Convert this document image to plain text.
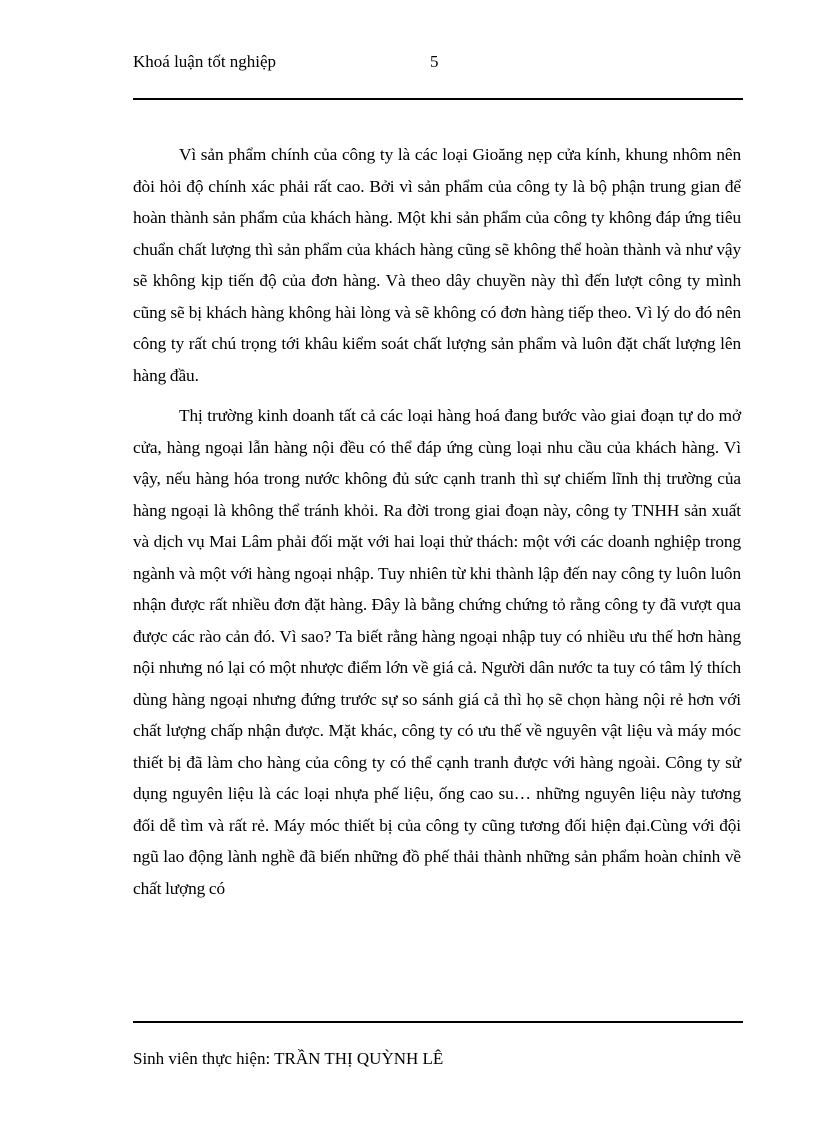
Khoá luận tốt nghiệp	5

Vì sản phẩm chính của công ty là các loại Gioăng nẹp cửa kính, khung nhôm nên đòi hỏi độ chính xác phải rất cao. Bởi vì sản phẩm của công ty là bộ phận trung gian để hoàn thành sản phẩm của khách hàng. Một khi sản phẩm của công ty không đáp ứng tiêu chuẩn chất lượng thì sản phẩm của khách hàng cũng sẽ không thể hoàn thành và như vậy sẽ không kịp tiến độ của đơn hàng. Và theo dây chuyền này thì đến lượt công ty mình cũng sẽ bị khách hàng không hài lòng và sẽ không có đơn hàng tiếp theo. Vì lý do đó nên công ty rất chú trọng tới khâu kiểm soát chất lượng sản phẩm và luôn đặt chất lượng lên hàng đầu.

Thị trường kinh doanh tất cả các loại hàng hoá đang bước vào giai đoạn tự do mở cửa, hàng ngoại lẫn hàng nội đều có thể đáp ứng cùng loại nhu cầu của khách hàng. Vì vậy, nếu hàng hóa trong nước không đủ sức cạnh tranh thì sự chiếm lĩnh thị trường của hàng ngoại là không thể tránh khỏi. Ra đời trong giai đoạn này, công ty TNHH sản xuất và dịch vụ Mai Lâm phải đối mặt với hai loại thử thách: một với các doanh nghiệp trong ngành và một với hàng ngoại nhập. Tuy nhiên từ khi thành lập đến nay công ty luôn luôn nhận được rất nhiều đơn đặt hàng. Đây là bằng chứng chứng tỏ rằng công ty đã vượt qua được các rào cản đó. Vì sao? Ta biết rằng hàng ngoại nhập tuy có nhiều ưu thế hơn hàng nội nhưng nó lại có một nhược điểm lớn về giá cả. Người dân nước ta tuy có tâm lý thích dùng hàng ngoại nhưng đứng trước sự so sánh giá cả thì họ sẽ chọn hàng nội rẻ hơn với chất lượng chấp nhận được. Mặt khác, công ty có ưu thế về nguyên vật liệu và máy móc thiết bị đã làm cho hàng của công ty có thể cạnh tranh được với hàng ngoài. Công ty sử dụng nguyên liệu là các loại nhựa phế liệu, ống cao su… những nguyên liệu này tương đối dễ tìm và rất rẻ. Máy móc thiết bị của công ty cũng tương đối hiện đại.Cùng với đội ngũ lao động lành nghề đã biến những đồ phế thải thành những sản phẩm hoàn chỉnh về chất lượng có

Sinh viên thực hiện: TRẦN THỊ QUỲNH LÊ
